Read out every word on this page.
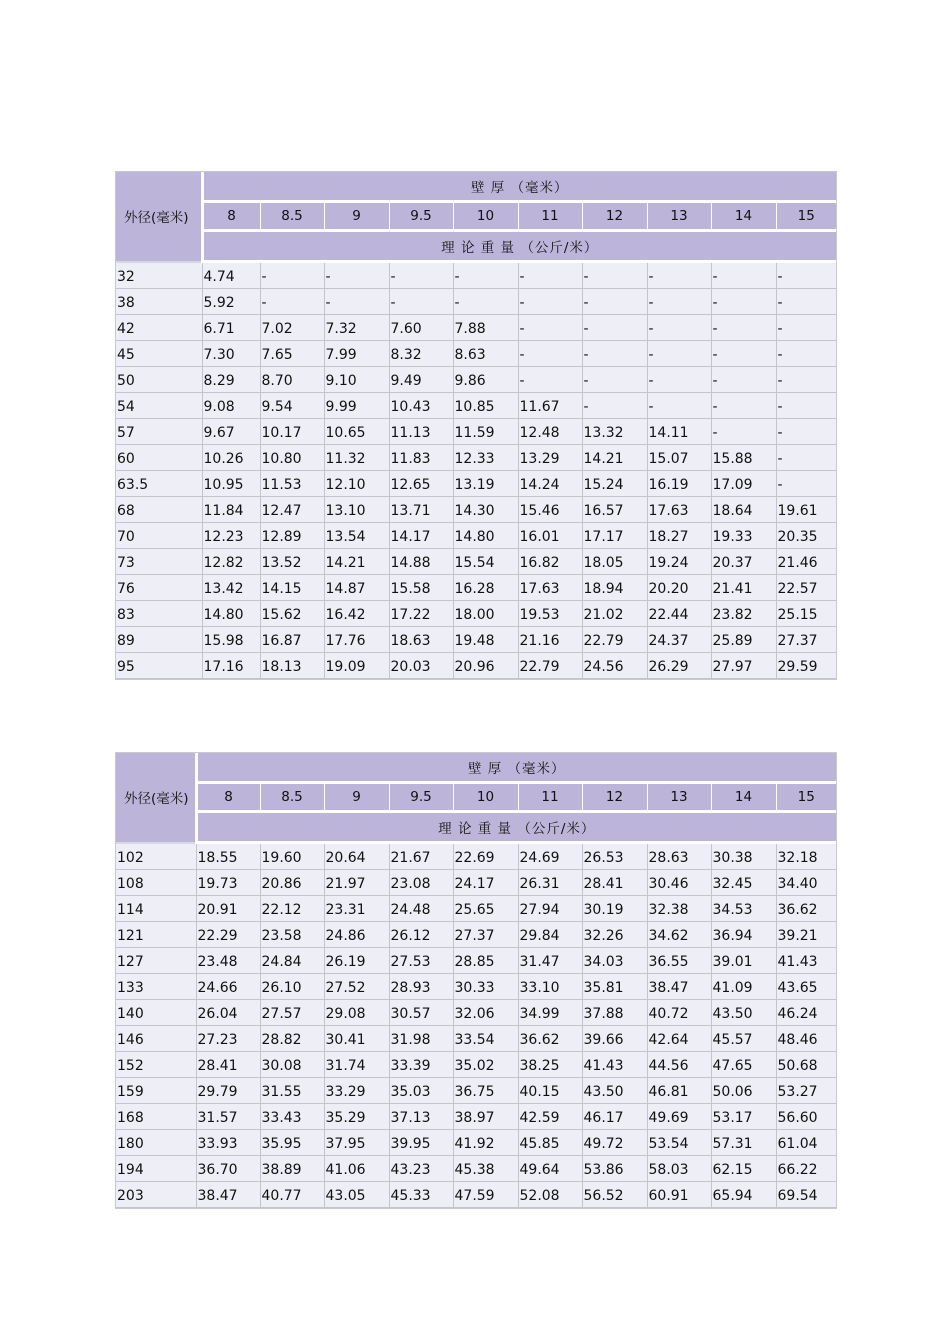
外径(毫米)	壁 厚 （毫米）									
	8	8.5	9	9.5	10	11	12	13	14	15
	理 论 重 量 （公斤/米）									
32	4.74	-	-	-	-	-	-	-	-	-
38	5.92	-	-	-	-	-	-	-	-	-
42	6.71	7.02	7.32	7.60	7.88	-	-	-	-	-
45	7.30	7.65	7.99	8.32	8.63	-	-	-	-	-
50	8.29	8.70	9.10	9.49	9.86	-	-	-	-	-
54	9.08	9.54	9.99	10.43	10.85	11.67	-	-	-	-
57	9.67	10.17	10.65	11.13	11.59	12.48	13.32	14.11	-	-
60	10.26	10.80	11.32	11.83	12.33	13.29	14.21	15.07	15.88	-
63.5	10.95	11.53	12.10	12.65	13.19	14.24	15.24	16.19	17.09	-
68	11.84	12.47	13.10	13.71	14.30	15.46	16.57	17.63	18.64	19.61
70	12.23	12.89	13.54	14.17	14.80	16.01	17.17	18.27	19.33	20.35
73	12.82	13.52	14.21	14.88	15.54	16.82	18.05	19.24	20.37	21.46
76	13.42	14.15	14.87	15.58	16.28	17.63	18.94	20.20	21.41	22.57
83	14.80	15.62	16.42	17.22	18.00	19.53	21.02	22.44	23.82	25.15
89	15.98	16.87	17.76	18.63	19.48	21.16	22.79	24.37	25.89	27.37
95	17.16	18.13	19.09	20.03	20.96	22.79	24.56	26.29	27.97	29.59
外径(毫米)	壁 厚 （毫米）									
	8	8.5	9	9.5	10	11	12	13	14	15
	理 论 重 量 （公斤/米）									
102	18.55	19.60	20.64	21.67	22.69	24.69	26.53	28.63	30.38	32.18
108	19.73	20.86	21.97	23.08	24.17	26.31	28.41	30.46	32.45	34.40
114	20.91	22.12	23.31	24.48	25.65	27.94	30.19	32.38	34.53	36.62
121	22.29	23.58	24.86	26.12	27.37	29.84	32.26	34.62	36.94	39.21
127	23.48	24.84	26.19	27.53	28.85	31.47	34.03	36.55	39.01	41.43
133	24.66	26.10	27.52	28.93	30.33	33.10	35.81	38.47	41.09	43.65
140	26.04	27.57	29.08	30.57	32.06	34.99	37.88	40.72	43.50	46.24
146	27.23	28.82	30.41	31.98	33.54	36.62	39.66	42.64	45.57	48.46
152	28.41	30.08	31.74	33.39	35.02	38.25	41.43	44.56	47.65	50.68
159	29.79	31.55	33.29	35.03	36.75	40.15	43.50	46.81	50.06	53.27
168	31.57	33.43	35.29	37.13	38.97	42.59	46.17	49.69	53.17	56.60
180	33.93	35.95	37.95	39.95	41.92	45.85	49.72	53.54	57.31	61.04
194	36.70	38.89	41.06	43.23	45.38	49.64	53.86	58.03	62.15	66.22
203	38.47	40.77	43.05	45.33	47.59	52.08	56.52	60.91	65.94	69.54
